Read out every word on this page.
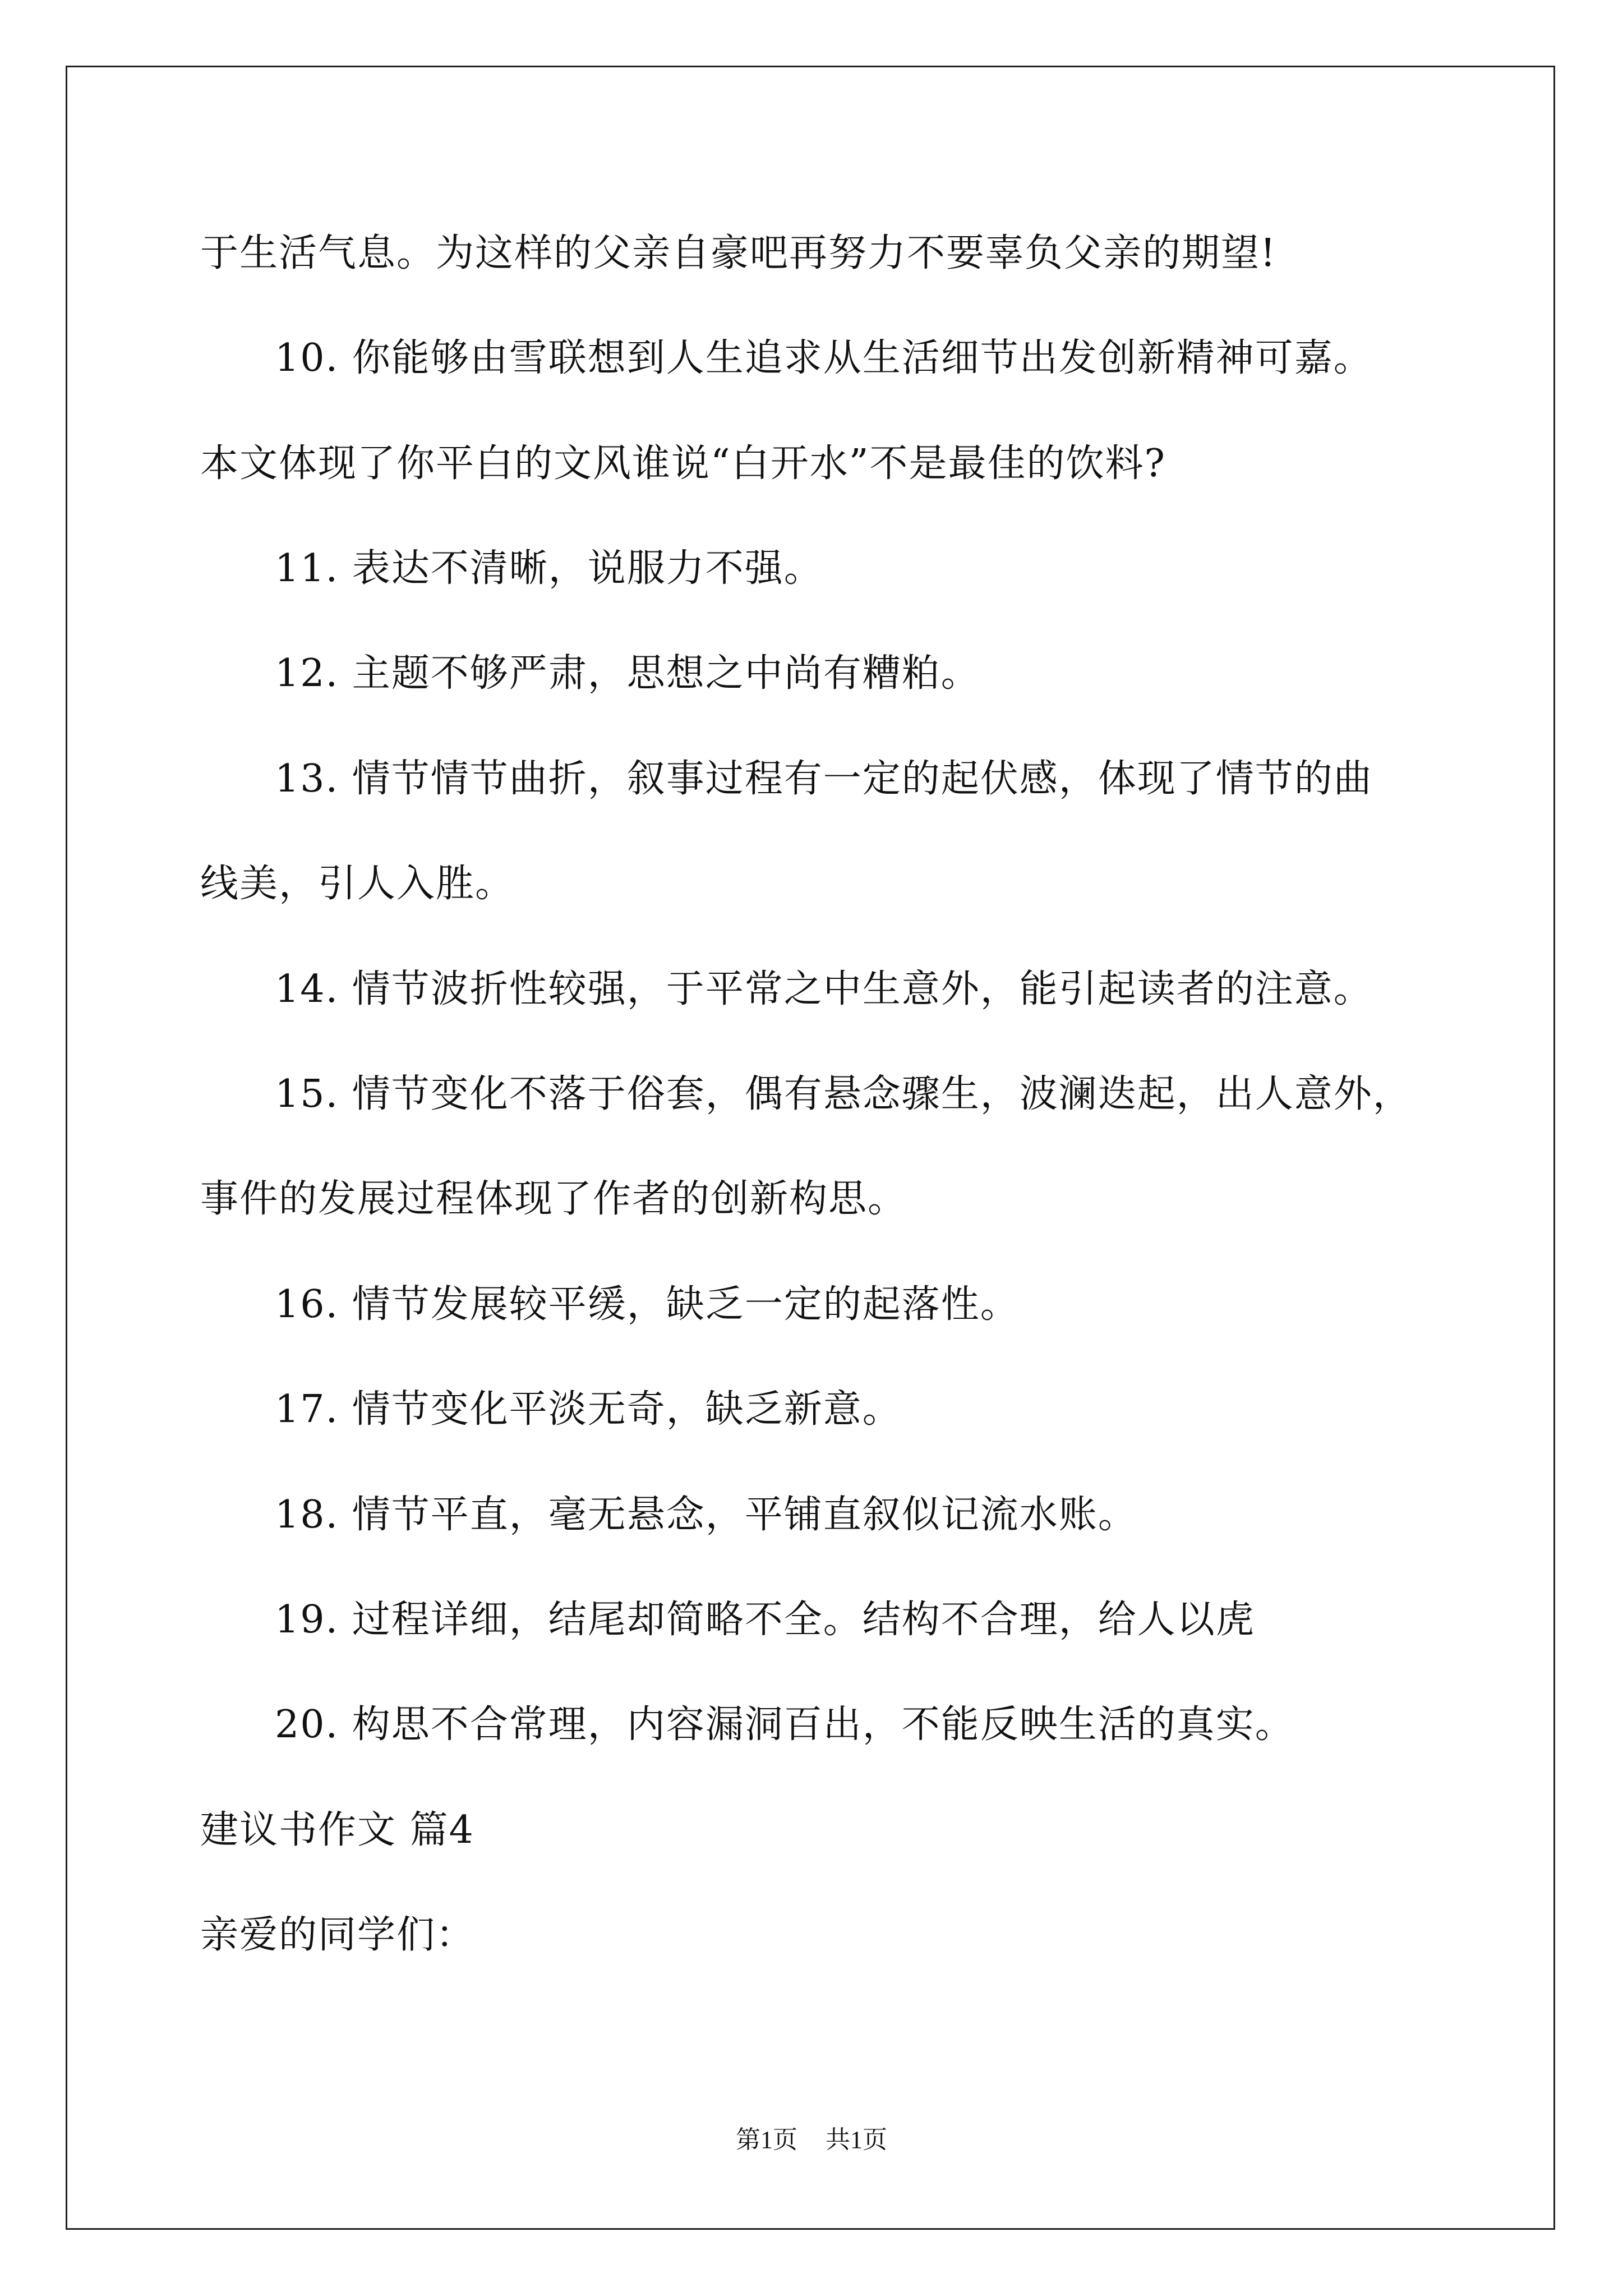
于生活气息。为这样的父亲自豪吧再努力不要辜负父亲的期望!
10. 你能够由雪联想到人生追求从生活细节出发创新精神可嘉。
本文体现了你平白的文风谁说“白开水”不是最佳的饮料?
11. 表达不清晰，说服力不强。
12. 主题不够严肃，思想之中尚有糟粕。
13. 情节情节曲折，叙事过程有一定的起伏感，体现了情节的曲
线美，引人入胜。
14. 情节波折性较强，于平常之中生意外，能引起读者的注意。
15. 情节变化不落于俗套，偶有悬念骤生，波澜迭起，出人意外，
事件的发展过程体现了作者的创新构思。
16. 情节发展较平缓，缺乏一定的起落性。
17. 情节变化平淡无奇，缺乏新意。
18. 情节平直，毫无悬念，平铺直叙似记流水账。
19. 过程详细，结尾却简略不全。结构不合理，给人以虎
20. 构思不合常理，内容漏洞百出，不能反映生活的真实。
建议书作文 篇4
亲爱的同学们：
第1页 共1页
